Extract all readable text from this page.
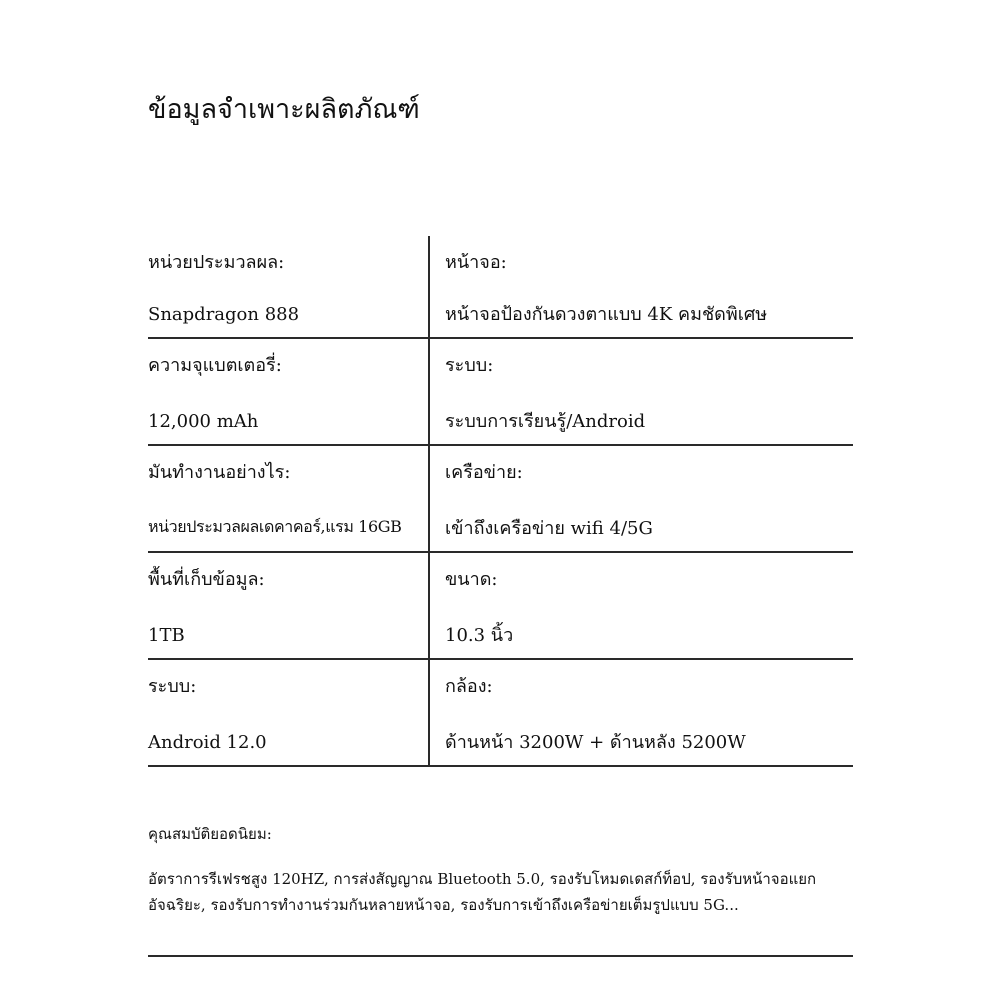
ข้อมูลจำเพาะผลิตภัณฑ์
หน่วยประมวลผล:
Snapdragon 888
หน้าจอ:
หน้าจอป้องกันดวงตาแบบ 4K คมชัดพิเศษ
ความจุแบตเตอรี่:
12,000 mAh
ระบบ:
ระบบการเรียนรู้/Android
มันทำงานอย่างไร:
หน่วยประมวลผลเดคาคอร์,แรม 16GB
เครือข่าย:
เข้าถึงเครือข่าย wifi 4/5G
พื้นที่เก็บข้อมูล:
1TB
ขนาด:
10.3 นิ้ว
ระบบ:
Android 12.0
กล้อง:
ด้านหน้า 3200W + ด้านหลัง 5200W

คุณสมบัติยอดนิยม:

อัตราการรีเฟรชสูง 120HZ, การส่งสัญญาณ Bluetooth 5.0, รองรับโหมดเดสก์ท็อป, รองรับหน้าจอแยกอัจฉริยะ, รองรับการทำงานร่วมกันหลายหน้าจอ, รองรับการเข้าถึงเครือข่ายเต็มรูปแบบ 5G...
